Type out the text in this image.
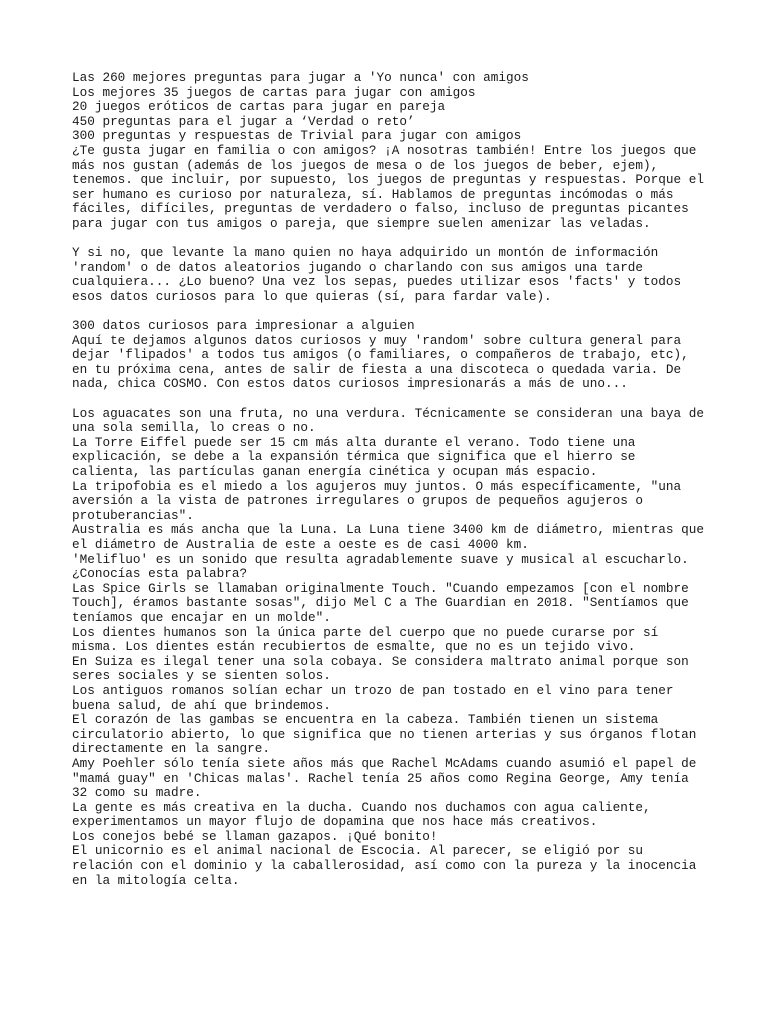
Las 260 mejores preguntas para jugar a 'Yo nunca' con amigos
Los mejores 35 juegos de cartas para jugar con amigos
20 juegos eróticos de cartas para jugar en pareja
450 preguntas para el jugar a ‘Verdad o reto’
300 preguntas y respuestas de Trivial para jugar con amigos
¿Te gusta jugar en familia o con amigos? ¡A nosotras también! Entre los juegos que
más nos gustan (además de los juegos de mesa o de los juegos de beber, ejem),
tenemos. que incluir, por supuesto, los juegos de preguntas y respuestas. Porque el
ser humano es curioso por naturaleza, sí. Hablamos de preguntas incómodas o más
fáciles, difíciles, preguntas de verdadero o falso, incluso de preguntas picantes
para jugar con tus amigos o pareja, que siempre suelen amenizar las veladas.
Y si no, que levante la mano quien no haya adquirido un montón de información
'random' o de datos aleatorios jugando o charlando con sus amigos una tarde
cualquiera... ¿Lo bueno? Una vez los sepas, puedes utilizar esos 'facts' y todos
esos datos curiosos para lo que quieras (sí, para fardar vale).
300 datos curiosos para impresionar a alguien
Aquí te dejamos algunos datos curiosos y muy 'random' sobre cultura general para
dejar 'flipados' a todos tus amigos (o familiares, o compañeros de trabajo, etc),
en tu próxima cena, antes de salir de fiesta a una discoteca o quedada varia. De
nada, chica COSMO. Con estos datos curiosos impresionarás a más de uno...
Los aguacates son una fruta, no una verdura. Técnicamente se consideran una baya de
una sola semilla, lo creas o no.
La Torre Eiffel puede ser 15 cm más alta durante el verano. Todo tiene una
explicación, se debe a la expansión térmica que significa que el hierro se
calienta, las partículas ganan energía cinética y ocupan más espacio.
La tripofobia es el miedo a los agujeros muy juntos. O más específicamente, "una
aversión a la vista de patrones irregulares o grupos de pequeños agujeros o
protuberancias".
Australia es más ancha que la Luna. La Luna tiene 3400 km de diámetro, mientras que
el diámetro de Australia de este a oeste es de casi 4000 km.
'Melifluo' es un sonido que resulta agradablemente suave y musical al escucharlo.
¿Conocías esta palabra?
Las Spice Girls se llamaban originalmente Touch. "Cuando empezamos [con el nombre
Touch], éramos bastante sosas", dijo Mel C a The Guardian en 2018. "Sentíamos que
teníamos que encajar en un molde".
Los dientes humanos son la única parte del cuerpo que no puede curarse por sí
misma. Los dientes están recubiertos de esmalte, que no es un tejido vivo.
En Suiza es ilegal tener una sola cobaya. Se considera maltrato animal porque son
seres sociales y se sienten solos.
Los antiguos romanos solían echar un trozo de pan tostado en el vino para tener
buena salud, de ahí que brindemos.
El corazón de las gambas se encuentra en la cabeza. También tienen un sistema
circulatorio abierto, lo que significa que no tienen arterias y sus órganos flotan
directamente en la sangre.
Amy Poehler sólo tenía siete años más que Rachel McAdams cuando asumió el papel de
"mamá guay" en 'Chicas malas'. Rachel tenía 25 años como Regina George, Amy tenía
32 como su madre.
La gente es más creativa en la ducha. Cuando nos duchamos con agua caliente,
experimentamos un mayor flujo de dopamina que nos hace más creativos.
Los conejos bebé se llaman gazapos. ¡Qué bonito!
El unicornio es el animal nacional de Escocia. Al parecer, se eligió por su
relación con el dominio y la caballerosidad, así como con la pureza y la inocencia
en la mitología celta.
